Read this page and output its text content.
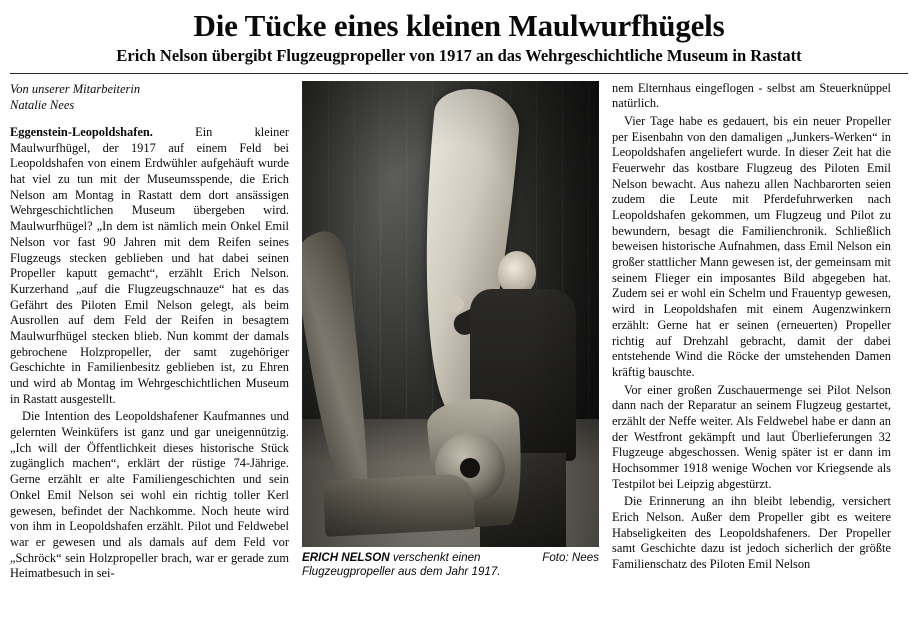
Die Tücke eines kleinen Maulwurfhügels
Erich Nelson übergibt Flugzeugpropeller von 1917 an das Wehrgeschichtliche Museum in Rastatt
Von unserer Mitarbeiterin
Natalie Nees

Eggenstein-Leopoldshafen.	Ein kleiner Maulwurfhügel, der 1917 auf einem Feld bei Leopoldshafen von einem Erdwühler aufgehäuft wurde hat viel zu tun mit der Museumsspende, die Erich Nelson am Montag in Rastatt dem dort ansässigen Wehrgeschichtlichen Museum übergeben wird. Maulwurfhügel? „In dem ist nämlich mein Onkel Emil Nelson vor fast 90 Jahren mit dem Reifen seines Flugzeugs stecken geblieben und hat dabei seinen Propeller kaputt gemacht“, erzählt Erich Nelson. Kurzerhand „auf die Flugzeugschnauze“ hat es das Gefährt des Piloten Emil Nelson gelegt, als beim Ausrollen auf dem Feld der Reifen in besagtem Maulwurfhügel stecken blieb. Nun kommt der damals gebrochene Holzpropeller, der samt zugehöriger Geschichte in Familienbesitz geblieben ist, zu Ehren und wird ab Montag im Wehrgeschichtlichen Museum in Rastatt ausgestellt.

Die Intention des Leopoldshafener Kaufmannes und gelernten Weinküfers ist ganz und gar uneigennützig. „Ich will der Öffentlichkeit dieses historische Stück zugänglich machen“, erklärt der rüstige 74-Jährige. Gerne erzählt er alte Familiengeschichten und sein Onkel Emil Nelson sei wohl ein richtig toller Kerl gewesen, befindet der Nachkomme. Noch heute wird von ihm in Leopoldshafen erzählt. Pilot und Feldwebel war er gewesen und als damals auf dem Feld vor „Schröck“ sein Holzpropeller brach, war er gerade zum Heimatbesuch in sei-

Foto: Nees
ERICH NELSON verschenkt einen Flugzeugpropeller aus dem Jahr 1917.

nem Elternhaus eingeflogen - selbst am Steuerknüppel natürlich.

Vier Tage habe es gedauert, bis ein neuer Propeller per Eisenbahn von den damaligen „Junkers-Werken“ in Leopoldshafen angeliefert wurde. In dieser Zeit hat die Feuerwehr das kostbare Flugzeug des Piloten Emil Nelson bewacht. Aus nahezu allen Nachbarorten seien zudem die Leute mit Pferdefuhrwerken nach Leopoldshafen gekommen, um Flugzeug und Pilot zu bewundern, besagt die Familienchronik. Schließlich beweisen historische Aufnahmen, dass Emil Nelson ein großer stattlicher Mann gewesen ist, der gemeinsam mit seinem Flieger ein imposantes Bild abgegeben hat. Zudem sei er wohl ein Schelm und Frauentyp gewesen, wird in Leopoldshafen mit einem Augenzwinkern erzählt: Gerne hat er seinen (erneuerten) Propeller richtig auf Drehzahl gebracht, damit der dabei entstehende Wind die Röcke der umstehenden Damen kräftig bauschte.

Vor einer großen Zuschauermenge sei Pilot Nelson dann nach der Reparatur an seinem Flugzeug gestartet, erzählt der Neffe weiter. Als Feldwebel habe er dann an der Westfront gekämpft und laut Überlieferungen 32 Flugzeuge abgeschossen. Wenig später ist er dann im Hochsommer 1918 wenige Wochen vor Kriegsende als Testpilot bei Leipzig abgestürzt.

Die Erinnerung an ihn bleibt lebendig, versichert Erich Nelson. Außer dem Propeller gibt es weitere Habseligkeiten des Leopoldshafeners. Der Propeller samt Geschichte dazu ist jedoch sicherlich der größte Familienschatz des Piloten Emil Nelson
